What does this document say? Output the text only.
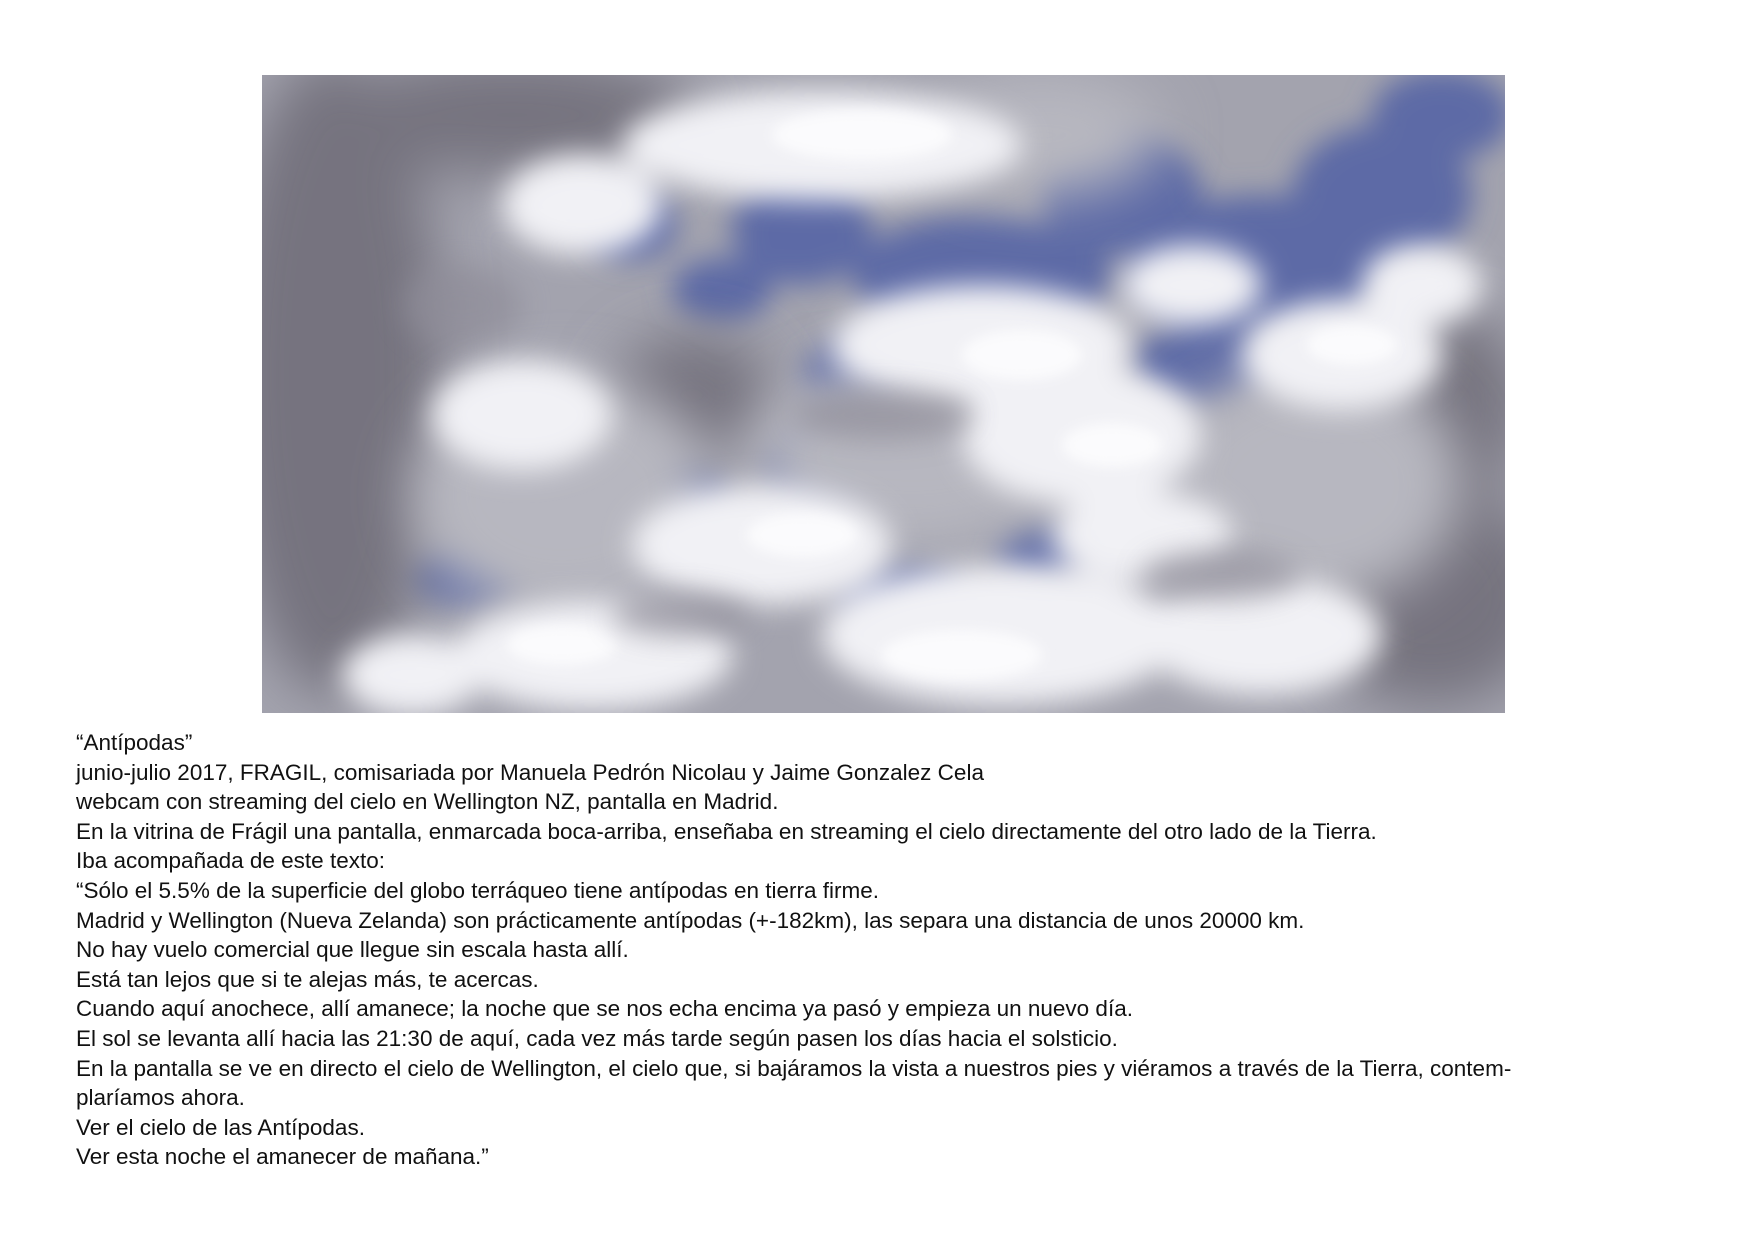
“Antípodas”
junio-julio 2017, FRAGIL, comisariada por Manuela Pedrón Nicolau y Jaime Gonzalez Cela
webcam con streaming del cielo en Wellington NZ, pantalla en Madrid.
En la vitrina de Frágil una pantalla, enmarcada boca-arriba, enseñaba en streaming el cielo directamente del otro lado de la Tierra.
Iba acompañada de este texto:
“Sólo el 5.5% de la superficie del globo terráqueo tiene antípodas en tierra firme.
Madrid y Wellington (Nueva Zelanda) son prácticamente antípodas (+-182km), las separa una distancia de unos 20000 km.
No hay vuelo comercial que llegue sin escala hasta allí.
Está tan lejos que si te alejas más, te acercas.
Cuando aquí anochece, allí amanece; la noche que se nos echa encima ya pasó y empieza un nuevo día.
El sol se levanta allí hacia las 21:30 de aquí, cada vez más tarde según pasen los días hacia el solsticio.
En la pantalla se ve en directo el cielo de Wellington, el cielo que, si bajáramos la vista a nuestros pies y viéramos a través de la Tierra, contem-
plaríamos ahora.
Ver el cielo de las Antípodas.
Ver esta noche el amanecer de mañana.”
